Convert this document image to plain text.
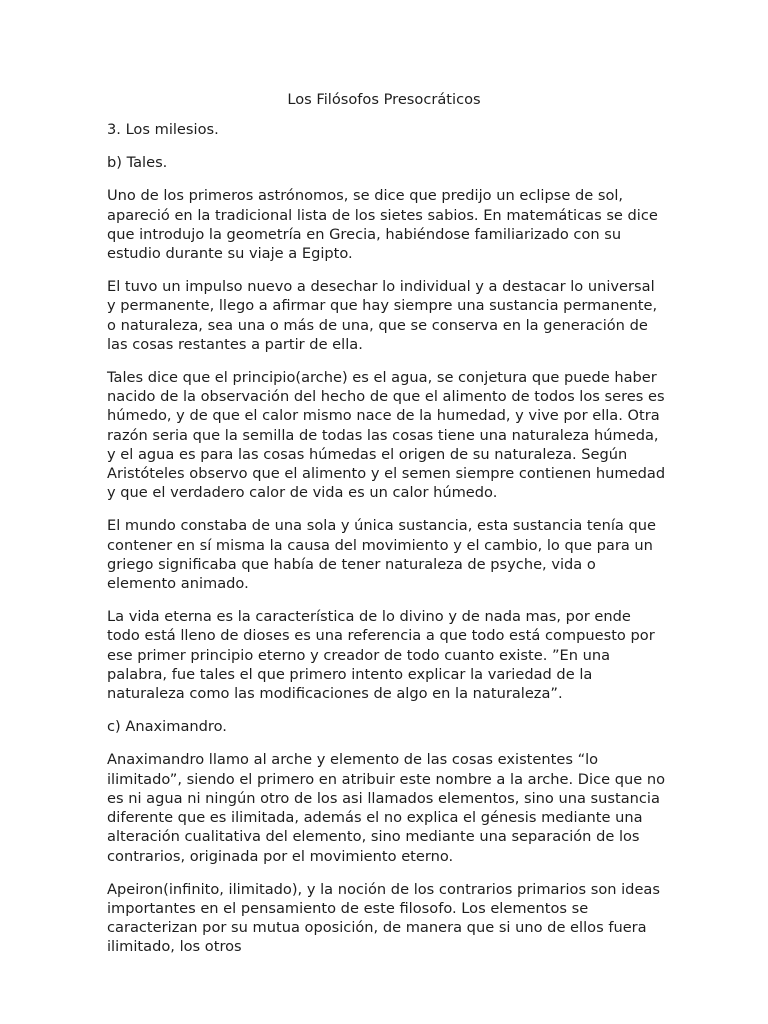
Los Filósofos Presocráticos

3. Los milesios.

b) Tales.

Uno de los primeros astrónomos, se dice que predijo un eclipse de sol, apareció en la tradicional lista de los sietes sabios. En matemáticas se dice que introdujo la geometría en Grecia, habiéndose familiarizado con su estudio durante su viaje a Egipto.

El tuvo un impulso nuevo a desechar lo individual y a destacar lo universal y permanente, llego a afirmar que hay siempre una sustancia permanente, o naturaleza, sea una o más de una, que se conserva en la generación de las cosas restantes a partir de ella.

Tales dice que el principio(arche) es el agua, se conjetura que puede haber nacido de la observación del hecho de que el alimento de todos los seres es húmedo, y de que el calor mismo nace de la humedad, y vive por ella. Otra razón seria que la semilla de todas las cosas tiene una naturaleza húmeda, y el agua es para las cosas húmedas el origen de su naturaleza. Según Aristóteles observo que el alimento y el semen siempre contienen humedad y que el verdadero calor de vida es un calor húmedo.

El mundo constaba de una sola y única sustancia, esta sustancia tenía que contener en sí misma la causa del movimiento y el cambio, lo que para un griego significaba que había de tener naturaleza de psyche, vida o elemento animado.

La vida eterna es la característica de lo divino y de nada mas, por ende todo está lleno de dioses es una referencia a que todo está compuesto por ese primer principio eterno y creador de todo cuanto existe. ”En una palabra, fue tales el que primero intento explicar la variedad de la naturaleza como las modificaciones de algo en la naturaleza”.

c) Anaximandro.

Anaximandro llamo al arche y elemento de las cosas existentes “lo ilimitado”, siendo el primero en atribuir este nombre a la arche. Dice que no es ni agua ni ningún otro de los asi llamados elementos, sino una sustancia diferente que es ilimitada, además el no explica el génesis mediante una alteración cualitativa del elemento, sino mediante una separación de los contrarios, originada por el movimiento eterno.

Apeiron(infinito, ilimitado), y la noción de los contrarios primarios son ideas importantes en el pensamiento de este filosofo. Los elementos se caracterizan por su mutua oposición, de manera que si uno de ellos fuera ilimitado, los otros
